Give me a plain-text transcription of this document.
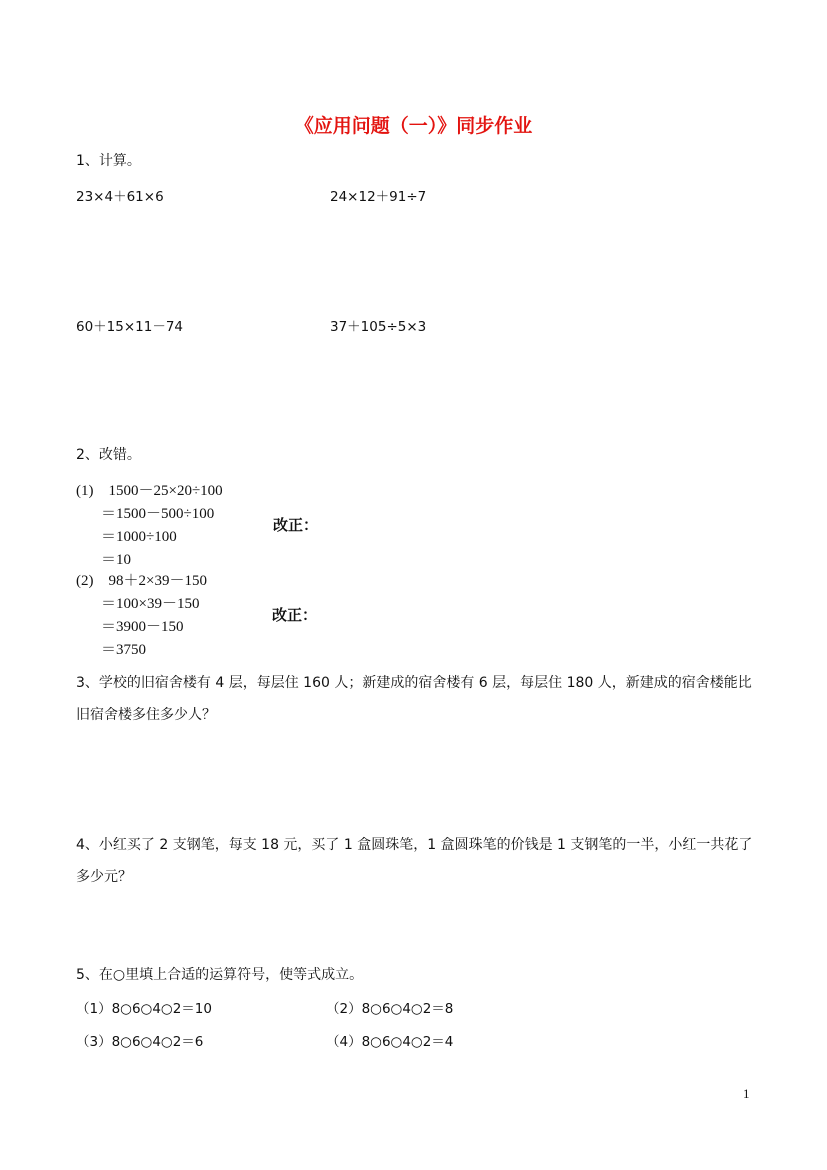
《应用问题（一）》同步作业
1、计算。
23×4＋61×6	24×12＋91÷7
60＋15×11－74	37＋105÷5×3
2、改错。
(1)　1500－25×20÷100
＝1500－500÷100
＝1000÷100
＝10
改正：
(2)　98＋2×39－150
＝100×39－150
＝3900－150
＝3750
改正：
3、学校的旧宿舍楼有 4 层，每层住 160 人；新建成的宿舍楼有 6 层，每层住 180 人，新建成的宿舍楼能比
旧宿舍楼多住多少人？
4、小红买了 2 支钢笔，每支 18 元，买了 1 盒圆珠笔，1 盒圆珠笔的价钱是 1 支钢笔的一半，小红一共花了
多少元？
5、在○里填上合适的运算符号，使等式成立。
（1）8○6○4○2＝10	（2）8○6○4○2＝8
（3）8○6○4○2＝6	（4）8○6○4○2＝4
1
